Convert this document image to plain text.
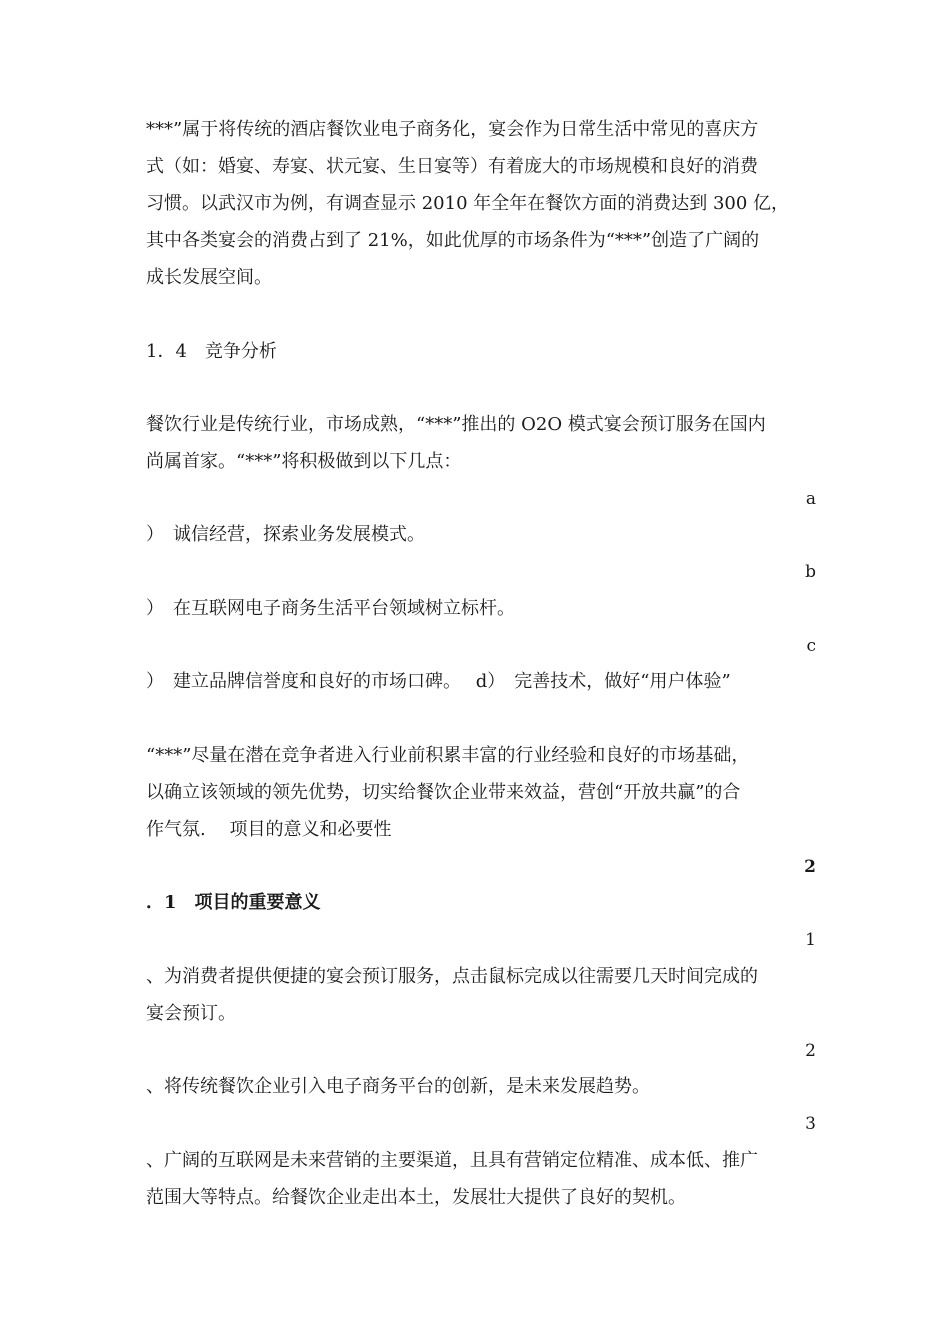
***”属于将传统的酒店餐饮业电子商务化，宴会作为日常生活中常见的喜庆方
式（如：婚宴、寿宴、状元宴、生日宴等）有着庞大的市场规模和良好的消费
习惯。以武汉市为例，有调查显示 2010 年全年在餐饮方面的消费达到 300 亿，
其中各类宴会的消费占到了 21%，如此优厚的市场条件为“***”创造了广阔的
成长发展空间。
1．4　竞争分析
餐饮行业是传统行业，市场成熟，“***”推出的 O2O 模式宴会预订服务在国内
尚属首家。“***”将积极做到以下几点：
a
）　诚信经营，探索业务发展模式。
b
）　在互联网电子商务生活平台领域树立标杆。
c
）　建立品牌信誉度和良好的市场口碑。　 d）　完善技术，做好“用户体验”
“***”尽量在潜在竞争者进入行业前积累丰富的行业经验和良好的市场基础，
以确立该领域的领先优势，切实给餐饮企业带来效益，营创“开放共赢”的合
作气氛.　 项目的意义和必要性
2
．1　项目的重要意义
1
、为消费者提供便捷的宴会预订服务，点击鼠标完成以往需要几天时间完成的
宴会预订。
2
、将传统餐饮企业引入电子商务平台的创新，是未来发展趋势。
3
、广阔的互联网是未来营销的主要渠道，且具有营销定位精准、成本低、推广
范围大等特点。给餐饮企业走出本土，发展壮大提供了良好的契机。
